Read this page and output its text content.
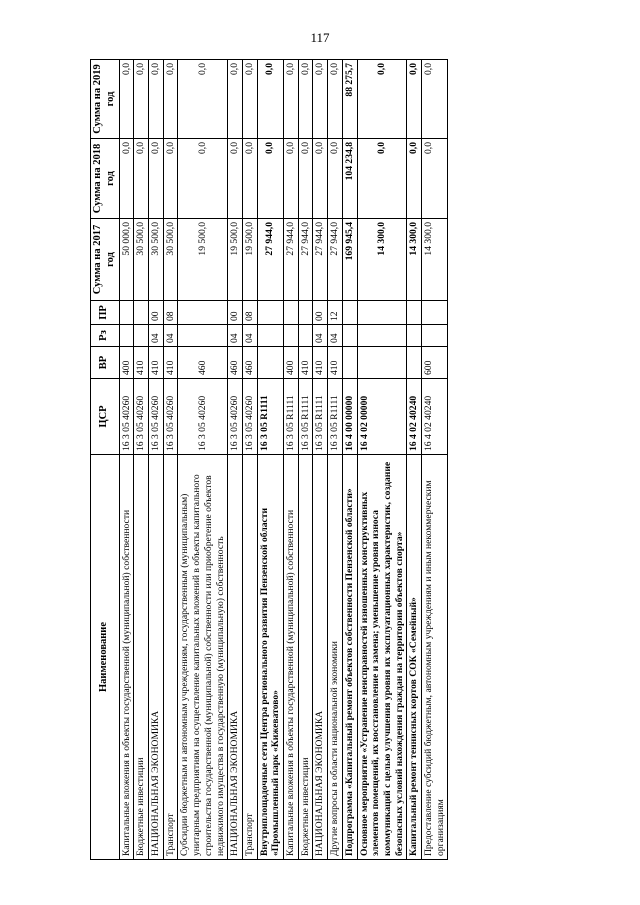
117
Наименование	ЦСР	ВР	Рз	ПР	Сумма на 2017 год	Сумма на 2018 год	Сумма на 2019 год
Капитальные вложения в объекты государственной (муниципальной) собственности	16 3 05 40260	400			50 000,0	0,0	0,0
Бюджетные инвестиции	16 3 05 40260	410			30 500,0	0,0	0,0
НАЦИОНАЛЬНАЯ ЭКОНОМИКА	16 3 05 40260	410	04	00	30 500,0	0,0	0,0
Транспорт	16 3 05 40260	410	04	08	30 500,0	0,0	0,0
Субсидии бюджетным и автономным учреждениям, государственным (муниципальным) унитарным предприятиям на осуществление капитальных вложений в объекты капитального строительства государственной (муниципальной) собственности или приобретение объектов недвижимого имущества в государственную (муниципальную) собственность	16 3 05 40260	460			19 500,0	0,0	0,0
НАЦИОНАЛЬНАЯ ЭКОНОМИКА	16 3 05 40260	460	04	00	19 500,0	0,0	0,0
Транспорт	16 3 05 40260	460	04	08	19 500,0	0,0	0,0
Внутриплощадочные сети Центра регионального развития Пензенской области «Промышленный парк «Кижеватово»	16 3 05 R1111				27 944,0	0,0	0,0
Капитальные вложения в объекты государственной (муниципальной) собственности	16 3 05 R1111	400			27 944,0	0,0	0,0
Бюджетные инвестиции	16 3 05 R1111	410			27 944,0	0,0	0,0
НАЦИОНАЛЬНАЯ ЭКОНОМИКА	16 3 05 R1111	410	04	00	27 944,0	0,0	0,0
Другие вопросы в области национальной экономики	16 3 05 R1111	410	04	12	27 944,0	0,0	0,0
Подпрограмма «Капитальный ремонт объектов собственности Пензенской области»	16 4 00 00000				169 945,4	104 234,8	88 275,7
Основное мероприятие «Устранение неисправностей изношенных конструктивных элементов помещений, их восстановление и замена; уменьшение уровня износа коммуникаций с целью улучшения уровня их эксплуатационных характеристик, создание безопасных условий нахождения граждан на территории объектов спорта»	16 4 02 00000				14 300,0	0,0	0,0
Капитальный ремонт теннисных кортов СОК «Семейный»	16 4 02 40240				14 300,0	0,0	0,0
Предоставление субсидий бюджетным, автономным учреждениям и иным некоммерческим организациям	16 4 02 40240	600			14 300,0	0,0	0,0
